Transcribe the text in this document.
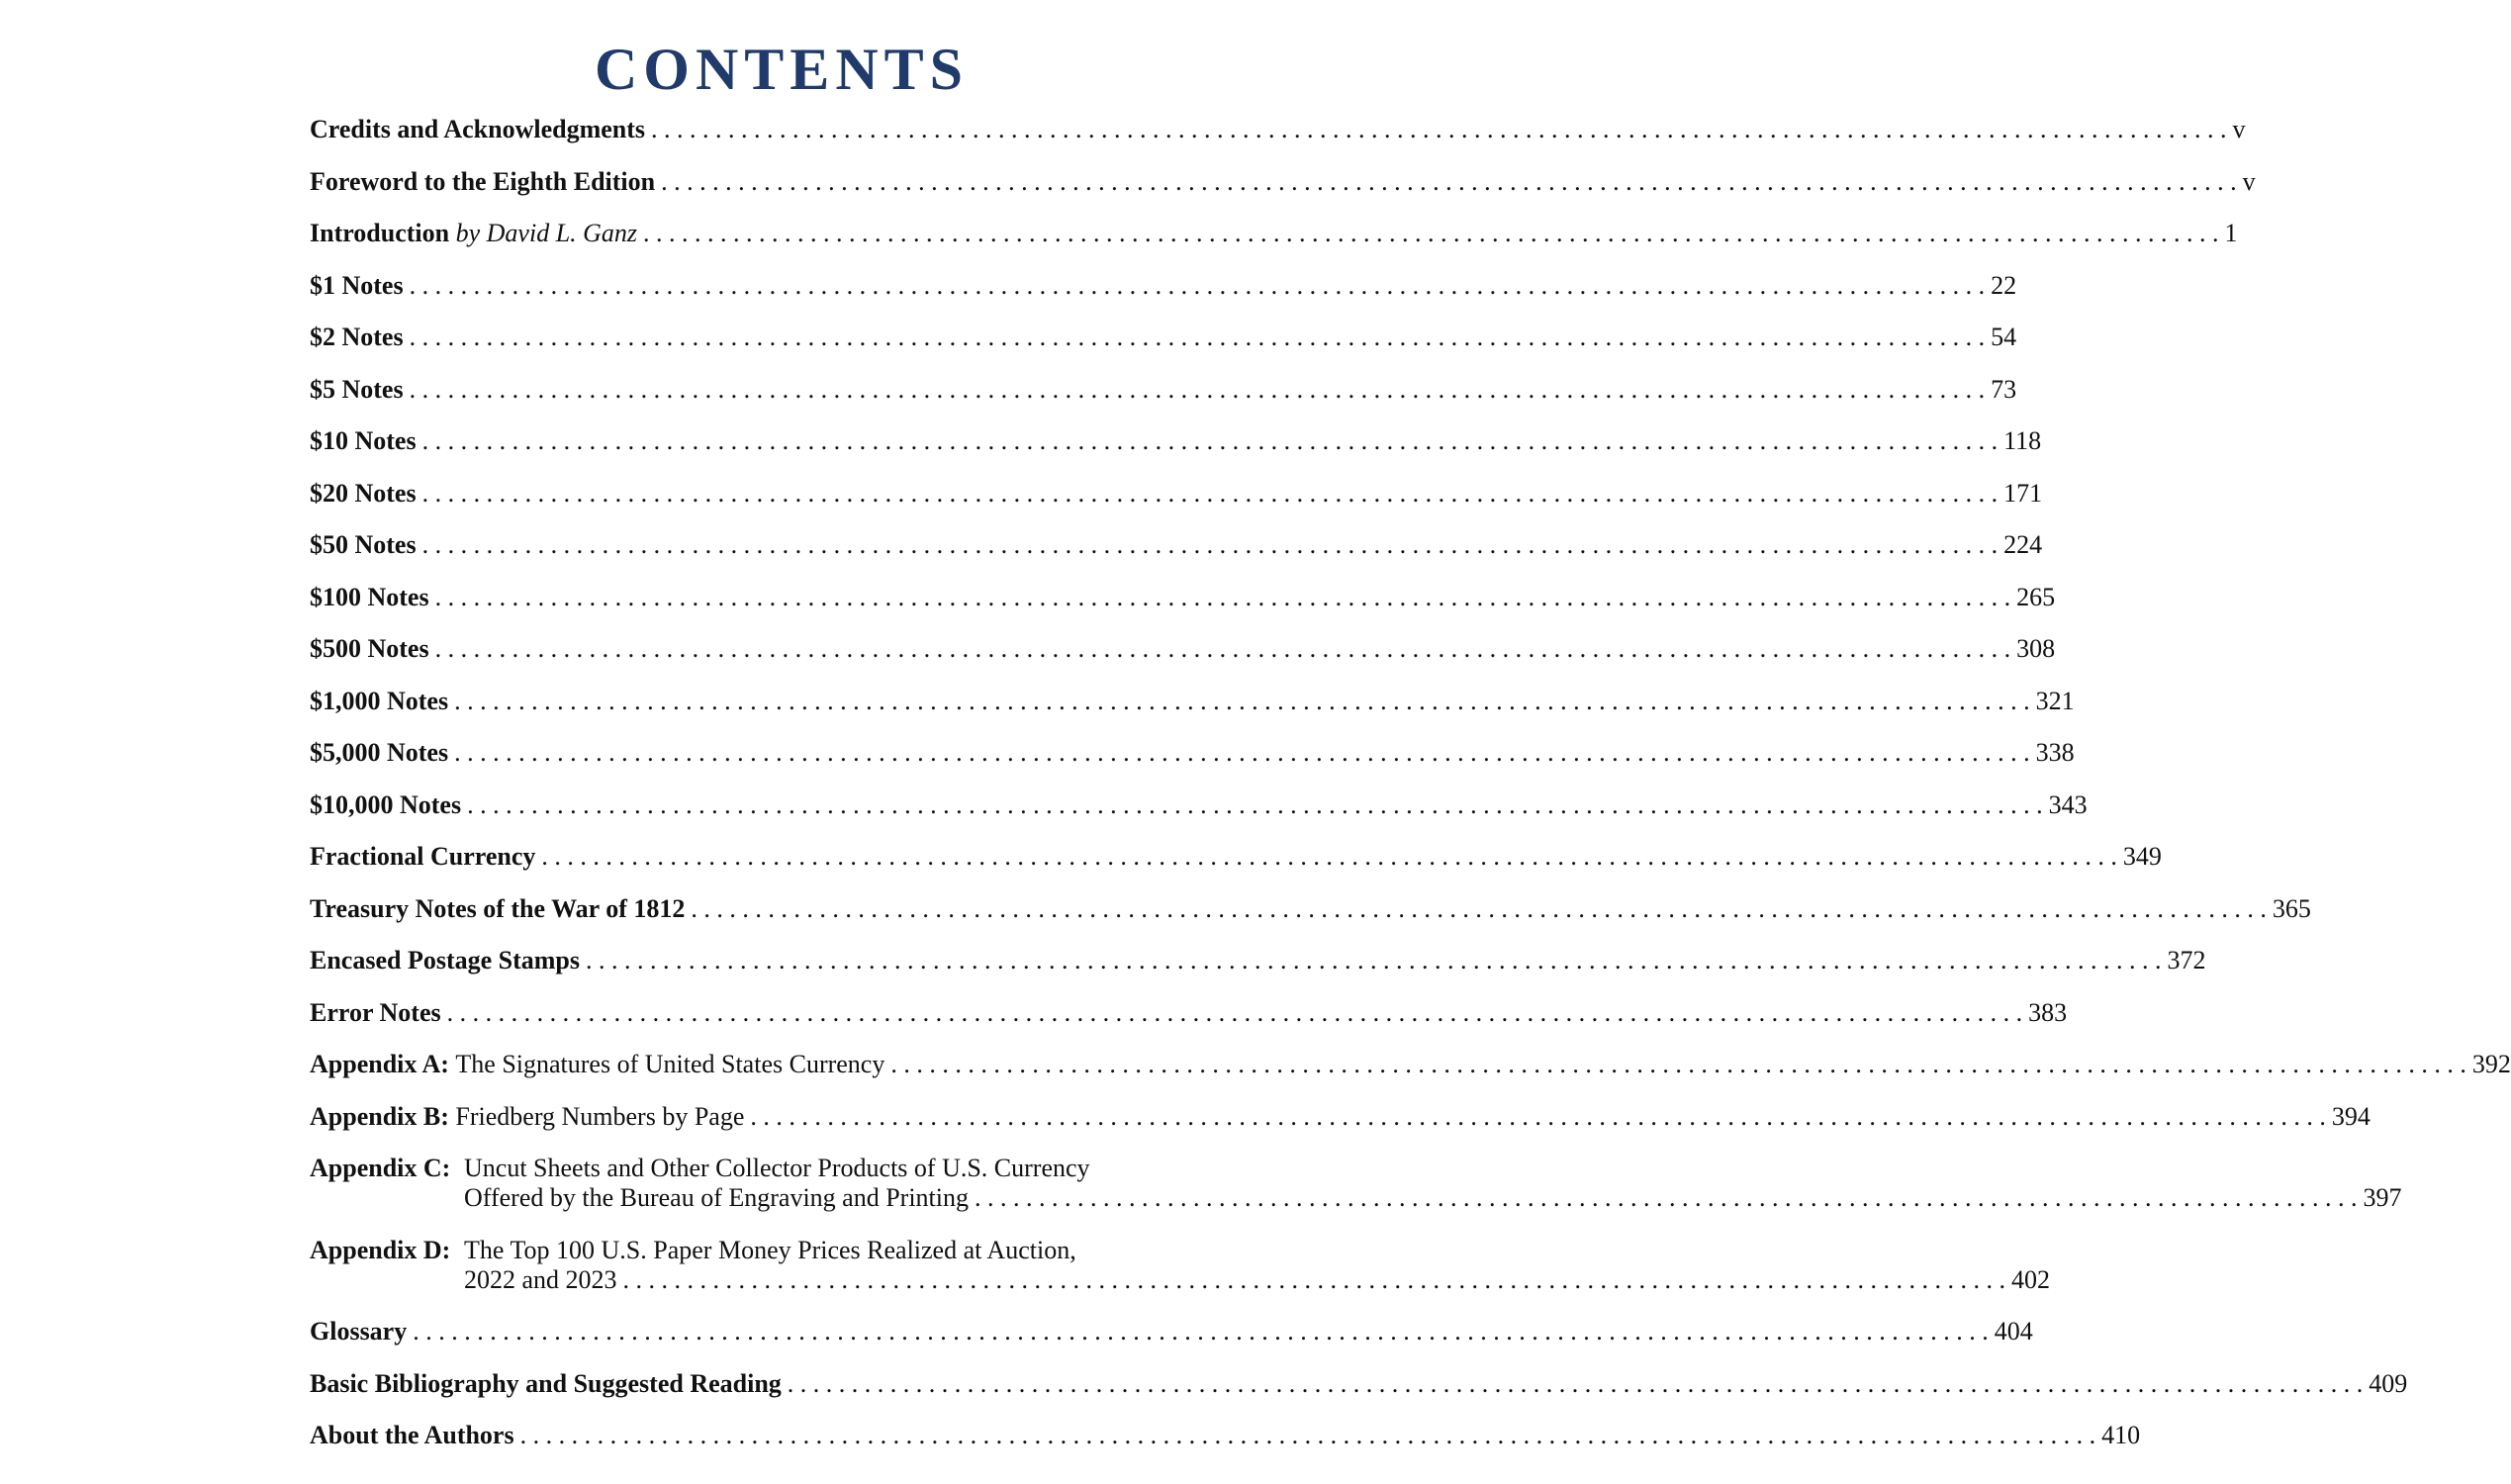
CONTENTS
Credits and Acknowledgments . . .	v
Foreword to the Eighth Edition . . .	v
Introduction by David L. Ganz . . .	1
$1 Notes . . .	22
$2 Notes . . .	54
$5 Notes . . .	73
$10 Notes . . .	118
$20 Notes . . .	171
$50 Notes . . .	224
$100 Notes . . .	265
$500 Notes . . .	308
$1,000 Notes . . .	321
$5,000 Notes . . .	338
$10,000 Notes . . .	343
Fractional Currency . . .	349
Treasury Notes of the War of 1812 . . .	365
Encased Postage Stamps . . .	372
Error Notes . . .	383
Appendix A: The Signatures of United States Currency . . .	392
Appendix B: Friedberg Numbers by Page . . .	394
Appendix C: Uncut Sheets and Other Collector Products of U.S. Currency
Offered by the Bureau of Engraving and Printing . . .	397
Appendix D: The Top 100 U.S. Paper Money Prices Realized at Auction,
2022 and 2023 . . .	402
Glossary . . .	404
Basic Bibliography and Suggested Reading . . .	409
About the Authors . . .	410
